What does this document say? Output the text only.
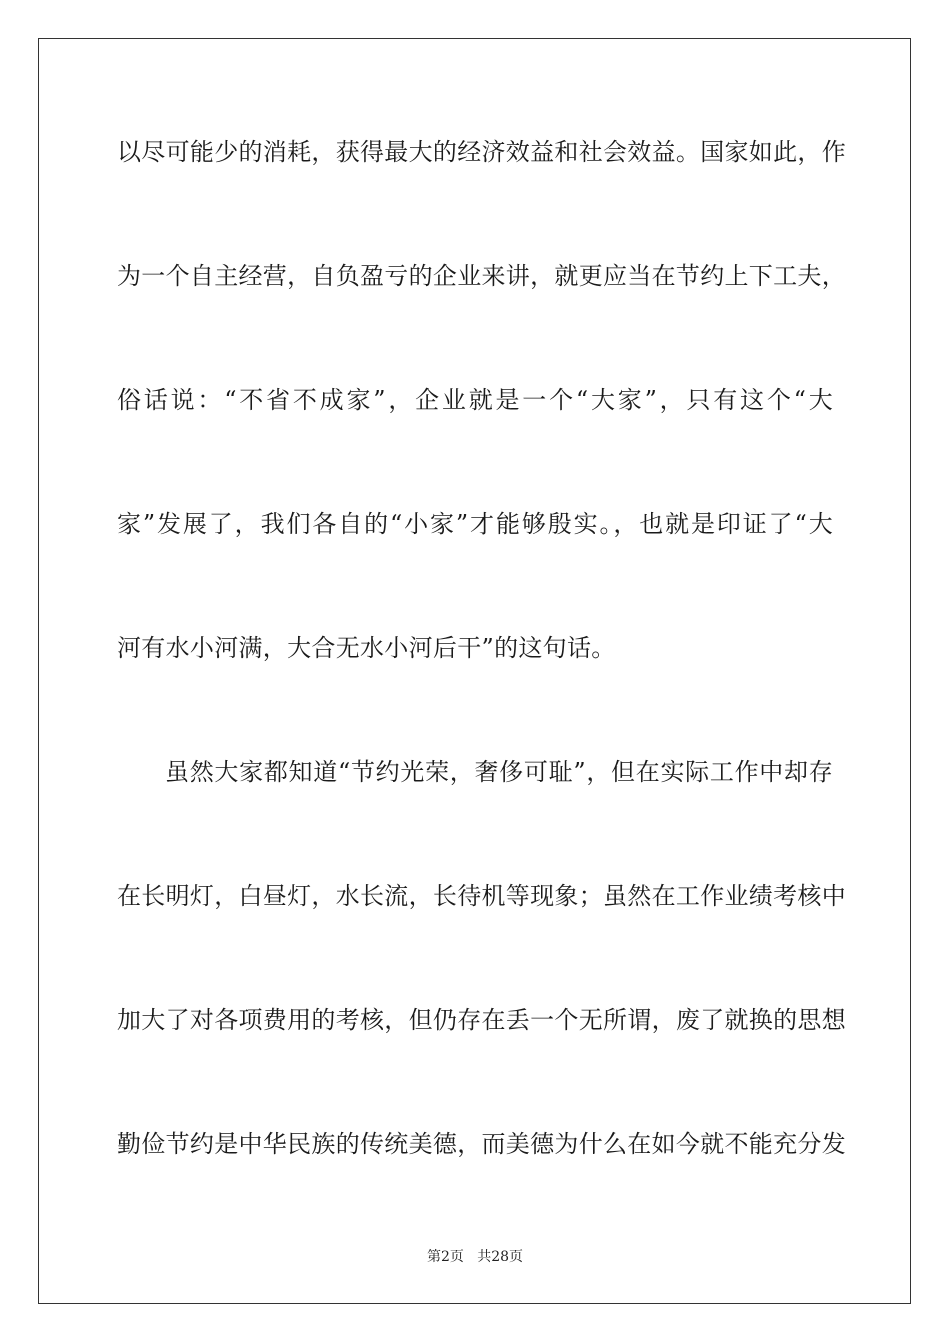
以尽可能少的消耗，获得最大的经济效益和社会效益。国家如此，作
为一个自主经营，自负盈亏的企业来讲，就更应当在节约上下工夫，
俗话说：“不省不成家”，企业就是一个“大家”，只有这个“大
家”发展了，我们各自的“小家”才能够殷实。，也就是印证了“大
河有水小河满，大合无水小河后干”的这句话。
虽然大家都知道“节约光荣，奢侈可耻”，但在实际工作中却存
在长明灯，白昼灯，水长流，长待机等现象；虽然在工作业绩考核中
加大了对各项费用的考核，但仍存在丢一个无所谓，废了就换的思想
勤俭节约是中华民族的传统美德，而美德为什么在如今就不能充分发
第2页   共28页
